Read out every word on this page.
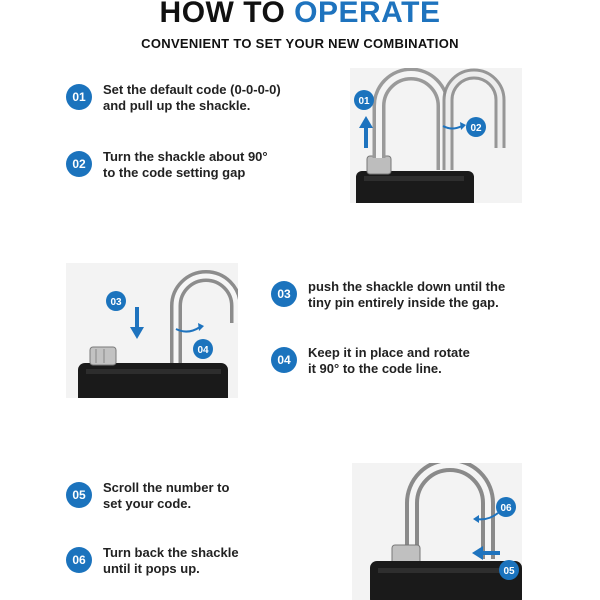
HOW TO OPERATE
CONVENIENT TO SET YOUR NEW COMBINATION
01	Set the default code (0-0-0-0)
and pull up the shackle.
02	Turn the shackle about 90°
to the code setting gap
03	push the shackle down until the
tiny pin entirely inside the gap.
04	Keep it in place and rotate
it 90° to the code line.
05	Scroll the number to
set your code.
06	Turn back the shackle
until it pops up.
01
02
03
04
06
05
